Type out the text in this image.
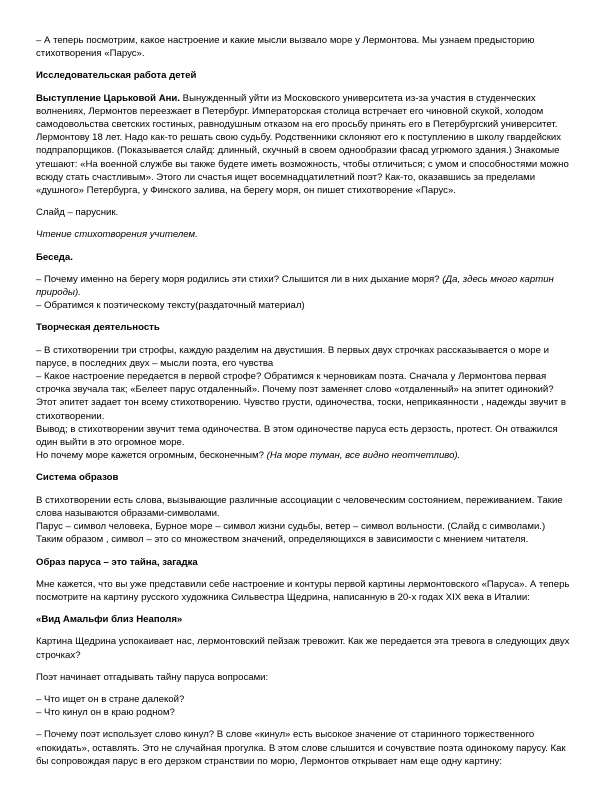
– А теперь посмотрим, какое настроение и какие мысли вызвало море у Лермонтова. Мы узнаем предысторию стихотворения «Парус».

Исследовательская работа детей

Выступление Царьковой Ани. Вынужденный уйти из Московского университета из-за участия в студенческих волнениях, Лермонтов переезжает в Петербург. Императорская столица встречает его чиновной скукой, холодом самодовольства светских гостиных, равнодушным отказом на его просьбу принять его в Петербургский университет. Лермонтову 18 лет. Надо как-то решать свою судьбу. Родственники склоняют его к поступлению в школу гвардейских подпрапорщиков. (Показывается слайд: длинный, скучный в своем однообразии фасад угрюмого здания.) Знакомые утешают: «На военной службе вы также будете иметь возможность, чтобы отличиться; с умом и способностями можно всюду стать счастливым». Этого ли счастья ищет восемнадцатилетний поэт? Как-то, оказавшись за пределами «душного» Петербурга, у Финского залива, на берегу моря, он пишет стихотворение «Парус».

Слайд – парусник.

Чтение стихотворения учителем.

Беседа.

– Почему именно на берегу моря родились эти стихи? Слышится ли в них дыхание моря? (Да, здесь много картин природы).

– Обратимся к поэтическому тексту(раздаточный материал)

Творческая деятельность

– В стихотворении три строфы, каждую разделим на двустишия. В первых двух строчках рассказывается о море и парусе, в последних двух – мысли поэта, его чувства

– Какое настроение передается в первой строфе? Обратимся к черновикам поэта. Сначала у Лермонтова первая строчка звучала так; «Белеет парус отдаленный». Почему поэт заменяет слово «отдаленный» на эпитет одинокий? Этот эпитет задает тон всему стихотворению. Чувство грусти, одиночества, тоски, неприкаянности , надежды звучит в стихотворении.

Вывод; в стихотворении звучит тема одиночества. В этом одиночестве паруса есть дерзость, протест. Он отважился один выйти в это огромное море.

Но почему море кажется огромным, бесконечным? (На море туман, все видно неотчетливо).

Система образов

В стихотворении есть слова, вызывающие различные ассоциации с человеческим состоянием, переживанием. Такие слова называются образами-символами.

Парус – символ человека, Бурное море – символ жизни судьбы, ветер – символ вольности. (Слайд с символами.)

Таким образом , символ – это со множеством значений, определяющихся в зависимости с мнением читателя.

Образ паруса – это тайна, загадка

Мне кажется, что вы уже представили себе настроение и контуры первой картины лермонтовского «Паруса». А теперь посмотрите на картину русского художника Сильвестра Щедрина, написанную в 20-х годах XIX века в Италии:

«Вид Амальфи близ Неаполя»

Картина Щедрина успокаивает нас, лермонтовский пейзаж тревожит. Как же передается эта тревога в следующих двух строчках?

Поэт начинает отгадывать тайну паруса вопросами:

– Что ищет он в стране далекой?

– Что кинул он в краю родном?

– Почему поэт использует слово кинул? В слове «кинул» есть высокое значение от старинного торжественного «покидать», оставлять. Это не случайная прогулка. В этом слове слышится и сочувствие поэта одинокому парусу. Как бы сопровождая парус в его дерзком странствии по морю, Лермонтов открывает нам еще одну картину:
